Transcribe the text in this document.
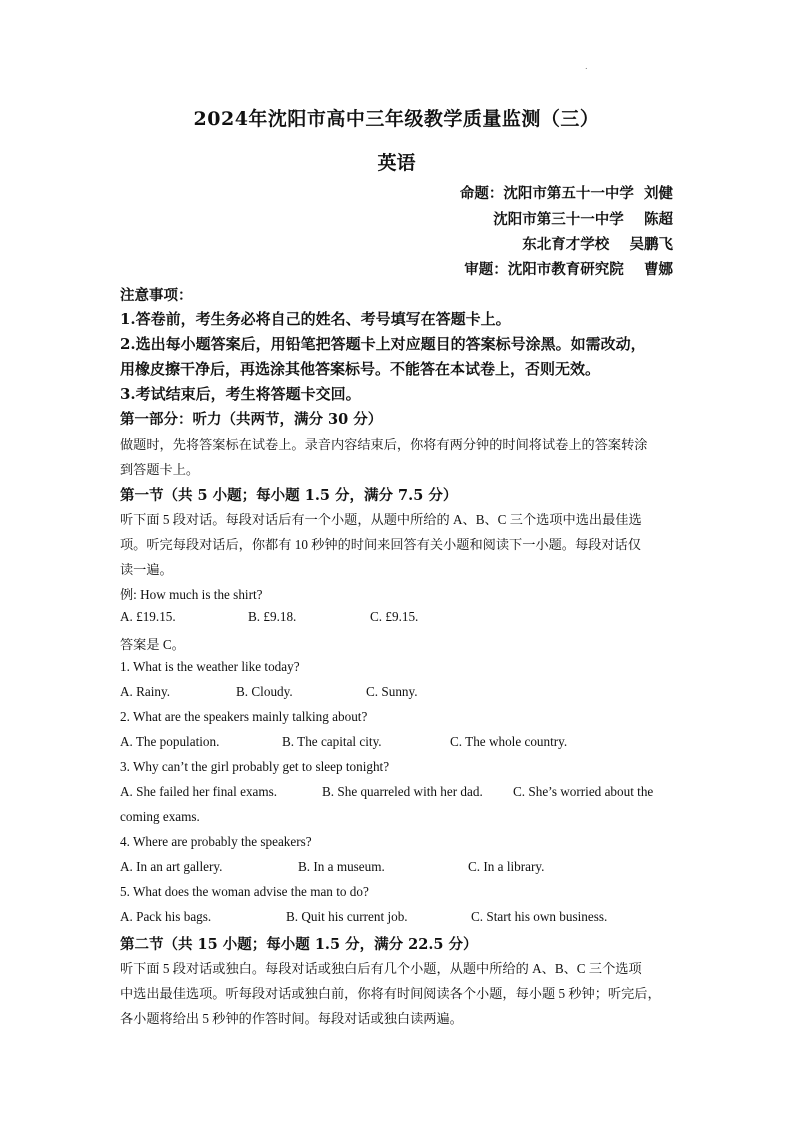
.
2024年沈阳市高中三年级教学质量监测（三）
英语
命题：沈阳市第五十一中学  刘健
沈阳市第三十一中学    陈超
东北育才学校    吴鹏飞
审题：沈阳市教育研究院    曹娜
注意事项：
1.答卷前，考生务必将自己的姓名、考号填写在答题卡上。
2.选出每小题答案后，用铅笔把答题卡上对应题目的答案标号涂黑。如需改动，
用橡皮擦干净后，再选涂其他答案标号。不能答在本试卷上，否则无效。
3.考试结束后，考生将答题卡交回。
第一部分：听力（共两节，满分 30 分）
做题时，先将答案标在试卷上。录音内容结束后，你将有两分钟的时间将试卷上的答案转涂
到答题卡上。
第一节（共 5 小题；每小题 1.5 分，满分 7.5 分）
听下面 5 段对话。每段对话后有一个小题，从题中所给的 A、B、C 三个选项中选出最佳选
项。听完每段对话后，你都有 10 秒钟的时间来回答有关小题和阅读下一小题。每段对话仅
读一遍。
例: How much is the shirt?
A. £19.15.	B. £9.18.	C. £9.15.
答案是 C。
1. What is the weather like today?
A. Rainy.	B. Cloudy.	C. Sunny.
2. What are the speakers mainly talking about?
A. The population.	B. The capital city.	C. The whole country.
3. Why can’t the girl probably get to sleep tonight?
A. She failed her final exams.	B. She quarreled with her dad. C. She’s worried about the
coming exams.
4. Where are probably the speakers?
A. In an art gallery.	B. In a museum.	C. In a library.
5. What does the woman advise the man to do?
A. Pack his bags.	B. Quit his current job.	C. Start his own business.
第二节（共 15 小题；每小题 1.5 分，满分 22.5 分）
听下面 5 段对话或独白。每段对话或独白后有几个小题，从题中所给的 A、B、C 三个选项
中选出最佳选项。听每段对话或独白前，你将有时间阅读各个小题，每小题 5 秒钟；听完后，
各小题将给出 5 秒钟的作答时间。每段对话或独白读两遍。
